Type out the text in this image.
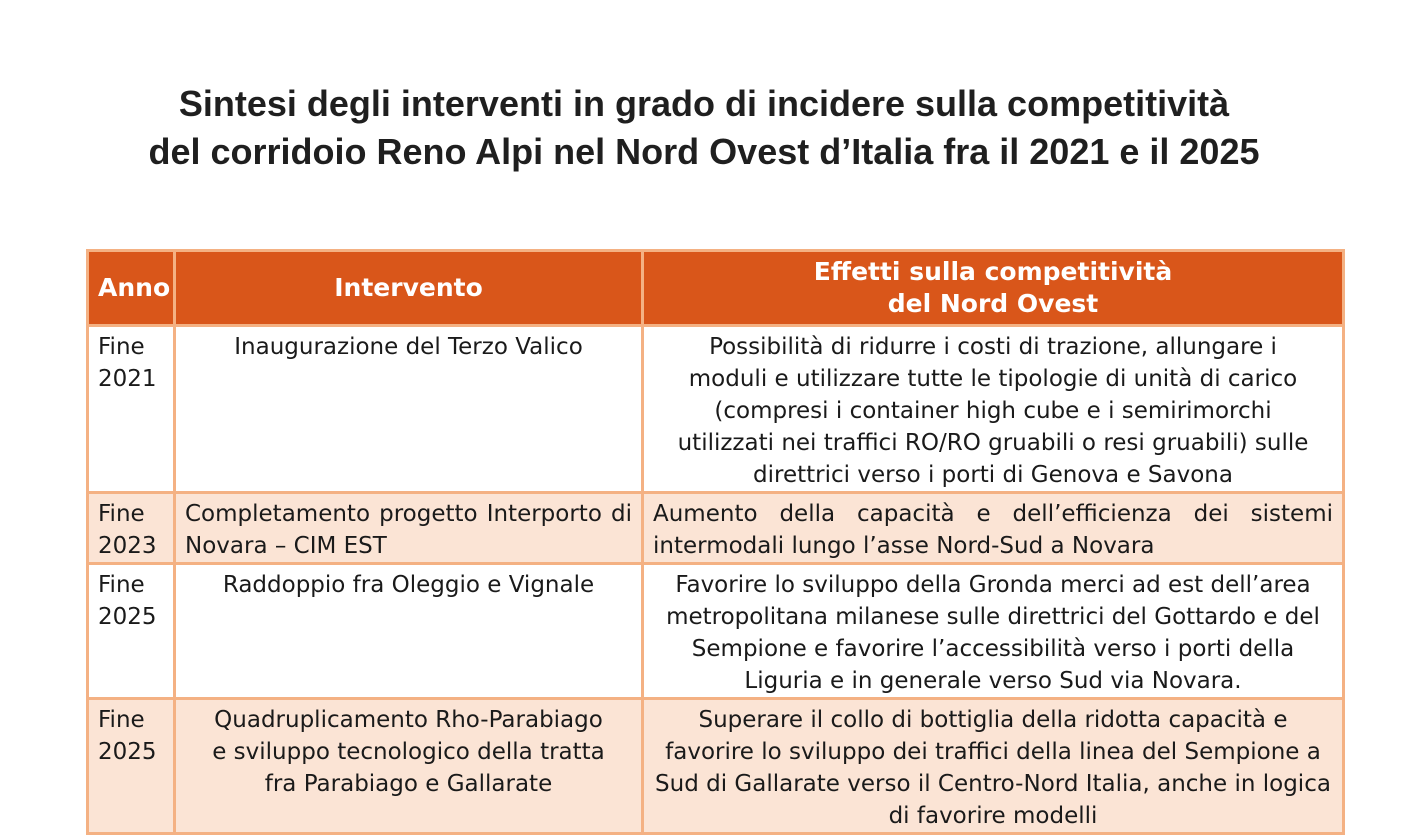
Sintesi degli interventi in grado di incidere sulla competitività
del corridoio Reno Alpi nel Nord Ovest d’Italia fra il 2021 e il 2025
Anno	Intervento	Effetti sulla competitività
del Nord Ovest

Fine
2021	Inaugurazione del Terzo Valico	Possibilità di ridurre i costi di trazione, allungare i moduli e utilizzare tutte le tipologie di unità di carico (compresi i container high cube e i semirimorchi utilizzati nei traffici RO/RO gruabili o resi gruabili) sulle direttrici verso i porti di Genova e Savona

Fine
2023	Completamento progetto Interporto di Novara – CIM EST	Aumento della capacità e dell’efficienza dei sistemi intermodali lungo l’asse Nord-Sud a Novara

Fine
2025	Raddoppio fra Oleggio e Vignale	Favorire lo sviluppo della Gronda merci ad est dell’area metropolitana milanese sulle direttrici del Gottardo e del Sempione e favorire l’accessibilità verso i porti della Liguria e in generale verso Sud via Novara.

Fine
2025	Quadruplicamento Rho-Parabiago e sviluppo tecnologico della tratta fra Parabiago e Gallarate	Superare il collo di bottiglia della ridotta capacità e favorire lo sviluppo dei traffici della linea del Sempione a Sud di Gallarate verso il Centro-Nord Italia, anche in logica di favorire modelli
